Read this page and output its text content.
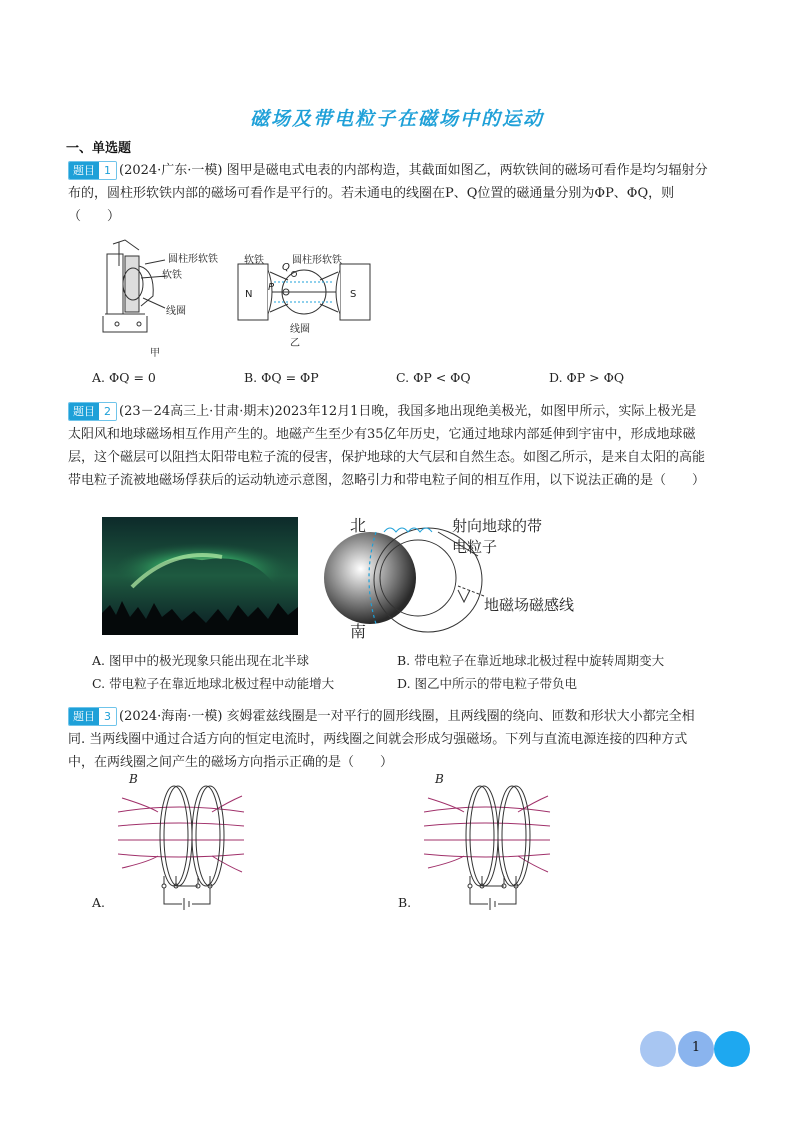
磁场及带电粒子在磁场中的运动
一、单选题
题目 1 (2024·广东·一模) 图甲是磁电式电表的内部构造，其截面如图乙，两软铁间的磁场可看作是均匀辐射分布的，圆柱形软铁内部的磁场可看作是平行的。若未通电的线圈在P、Q位置的磁通量分别为ΦP、ΦQ，则（　　）
圆柱形软铁
软铁
线圈
甲
软铁	圆柱形软铁
Q
P
N	S
线圈
乙
A. ΦQ = 0	B. ΦQ = ΦP	C. ΦP < ΦQ	D. ΦP > ΦQ
题目 2 (23－24高三上·甘肃·期末)2023年12月1日晚，我国多地出现绝美极光，如图甲所示，实际上极光是太阳风和地球磁场相互作用产生的。地磁产生至少有35亿年历史，它通过地球内部延伸到宇宙中，形成地球磁层，这个磁层可以阻挡太阳带电粒子流的侵害，保护地球的大气层和自然生态。如图乙所示，是来自太阳的高能带电粒子流被地磁场俘获后的运动轨迹示意图，忽略引力和带电粒子间的相互作用，以下说法正确的是（　　）
北
南
射向地球的带电粒子
地磁场磁感线
A. 图甲中的极光现象只能出现在北半球	B. 带电粒子在靠近地球北极过程中旋转周期变大
C. 带电粒子在靠近地球北极过程中动能增大	D. 图乙中所示的带电粒子带负电
题目 3 (2024·海南·一模) 亥姆霍兹线圈是一对平行的圆形线圈，且两线圈的绕向、匝数和形状大小都完全相同. 当两线圈中通过合适方向的恒定电流时，两线圈之间就会形成匀强磁场。下列与直流电源连接的四种方式中，在两线圈之间产生的磁场方向指示正确的是（　　）
B
A.
B
B.
1
